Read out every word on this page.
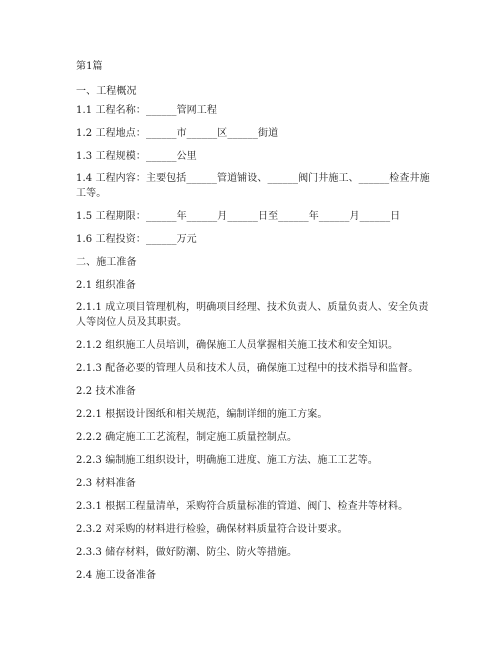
第1篇
一、工程概况
1.1 工程名称：______管网工程
1.2 工程地点：______市______区______街道
1.3 工程规模：______公里
1.4 工程内容：主要包括______管道铺设、______阀门井施工、______检查井施工等。
1.5 工程期限：______年______月______日至______年______月______日
1.6 工程投资：______万元
二、施工准备
2.1 组织准备
2.1.1 成立项目管理机构，明确项目经理、技术负责人、质量负责人、安全负责人等岗位人员及其职责。
2.1.2 组织施工人员培训，确保施工人员掌握相关施工技术和安全知识。
2.1.3 配备必要的管理人员和技术人员，确保施工过程中的技术指导和监督。
2.2 技术准备
2.2.1 根据设计图纸和相关规范，编制详细的施工方案。
2.2.2 确定施工工艺流程，制定施工质量控制点。
2.2.3 编制施工组织设计，明确施工进度、施工方法、施工工艺等。
2.3 材料准备
2.3.1 根据工程量清单，采购符合质量标准的管道、阀门、检查井等材料。
2.3.2 对采购的材料进行检验，确保材料质量符合设计要求。
2.3.3 储存材料，做好防潮、防尘、防火等措施。
2.4 施工设备准备
